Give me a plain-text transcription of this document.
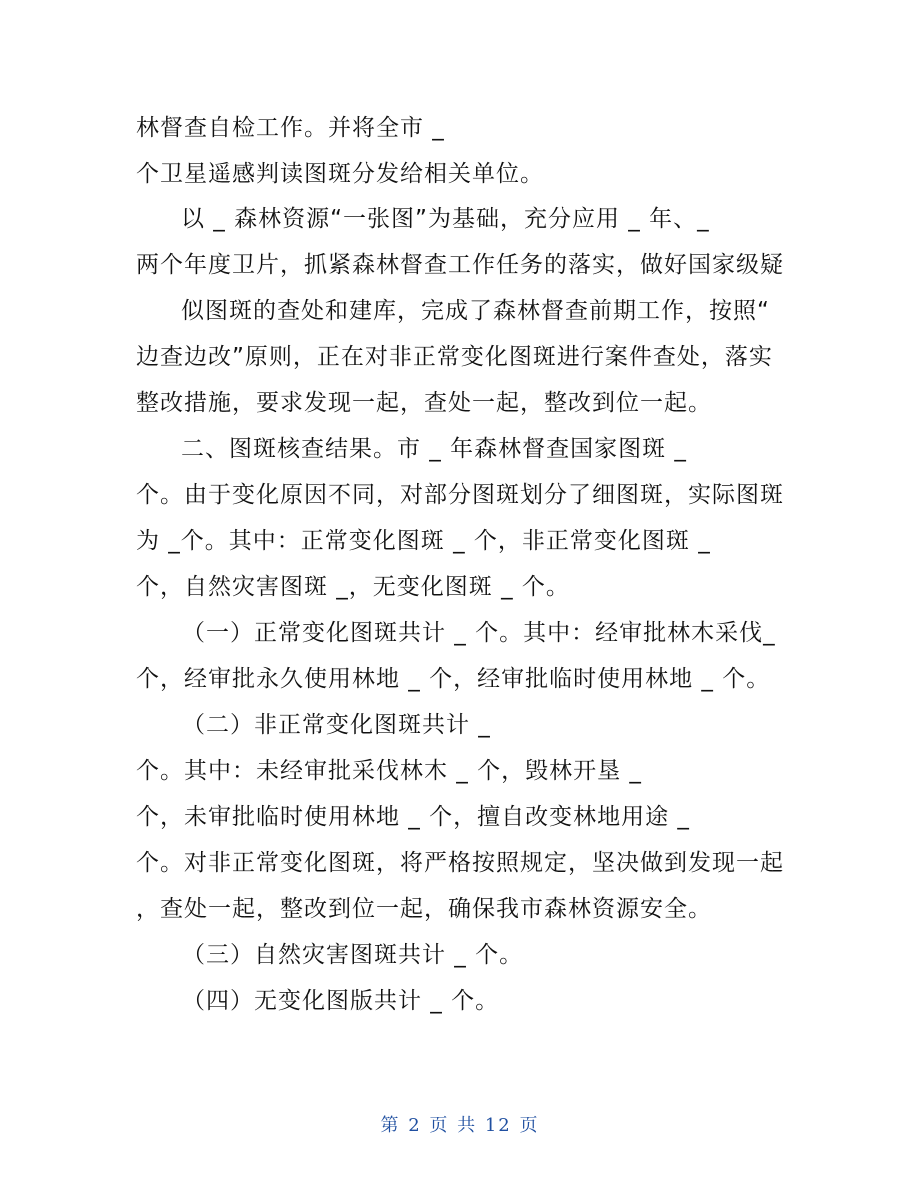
林督查自检工作。并将全市 _
个卫星遥感判读图斑分发给相关单位。
以 _ 森林资源“一张图”为基础，充分应用 _ 年、_
两个年度卫片，抓紧森林督查工作任务的落实，做好国家级疑
似图斑的查处和建库，完成了森林督查前期工作，按照“
边查边改”原则，正在对非正常变化图斑进行案件查处，落实
整改措施，要求发现一起，查处一起，整改到位一起。
二、图斑核查结果。市 _ 年森林督查国家图斑 _
个。由于变化原因不同，对部分图斑划分了细图斑，实际图斑
为 _个。其中：正常变化图斑 _ 个，非正常变化图斑 _
个，自然灾害图斑 _，无变化图斑 _ 个。
（一）正常变化图斑共计 _ 个。其中：经审批林木采伐_
个，经审批永久使用林地 _ 个，经审批临时使用林地 _ 个。
（二）非正常变化图斑共计 _
个。其中：未经审批采伐林木 _ 个，毁林开垦 _
个，未审批临时使用林地 _ 个，擅自改变林地用途 _
个。对非正常变化图斑，将严格按照规定，坚决做到发现一起
，查处一起，整改到位一起，确保我市森林资源安全。
（三）自然灾害图斑共计 _ 个。
（四）无变化图版共计 _ 个。
第 2 页 共 12 页
